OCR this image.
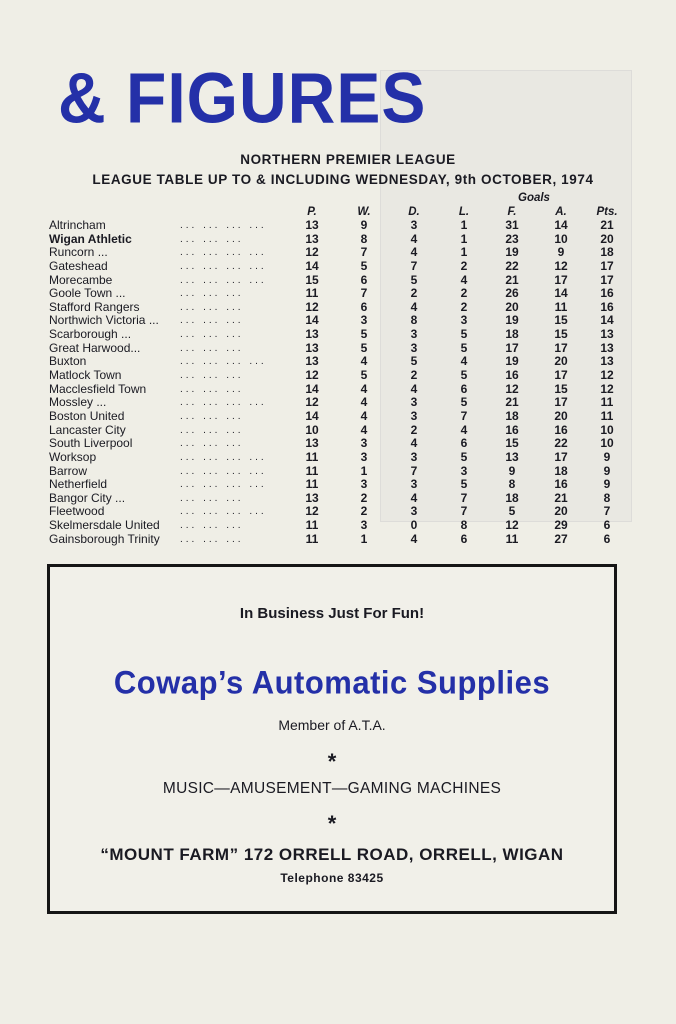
& FIGURES
NORTHERN PREMIER LEAGUE
LEAGUE TABLE UP TO & INCLUDING WEDNESDAY, 9th OCTOBER, 1974
Goals
P.	W.	D.	L.	F.	A.	Pts.
Altrincham	... ... ... ...	13	9	3	1	31	14	21
Wigan Athletic	... ... ...	13	8	4	1	23	10	20
Runcorn ...	... ... ... ...	12	7	4	1	19	9	18
Gateshead	... ... ... ...	14	5	7	2	22	12	17
Morecambe	... ... ... ...	15	6	5	4	21	17	17
Goole Town ...	... ... ...	11	7	2	2	26	14	16
Stafford Rangers	... ... ...	12	6	4	2	20	11	16
Northwich Victoria ... ... ... ...	14	3	8	3	19	15	14
Scarborough ...	... ... ...	13	5	3	5	18	15	13
Great Harwood...	... ... ...	13	5	3	5	17	17	13
Buxton	... ... ... ...	13	4	5	4	19	20	13
Matlock Town	... ... ...	12	5	2	5	16	17	12
Macclesfield Town	... ... ...	14	4	4	6	12	15	12
Mossley ...	... ... ... ...	12	4	3	5	21	17	11
Boston United	... ... ...	14	4	3	7	18	20	11
Lancaster City	... ... ...	10	4	2	4	16	16	10
South Liverpool	... ... ...	13	3	4	6	15	22	10
Worksop	... ... ... ...	11	3	3	5	13	17	9
Barrow	... ... ... ...	11	1	7	3	9	18	9
Netherfield	... ... ... ...	11	3	3	5	8	16	9
Bangor City ...	... ... ...	13	2	4	7	18	21	8
Fleetwood	... ... ... ...	12	2	3	7	5	20	7
Skelmersdale United ... ... ...	11	3	0	8	12	29	6
Gainsborough Trinity ... ... ...	11	1	4	6	11	27	6
In Business Just For Fun!
Cowap’s Automatic Supplies
Member of A.T.A.
*
MUSIC—AMUSEMENT—GAMING MACHINES
*
“MOUNT FARM” 172 ORRELL ROAD, ORRELL, WIGAN
Telephone 83425
